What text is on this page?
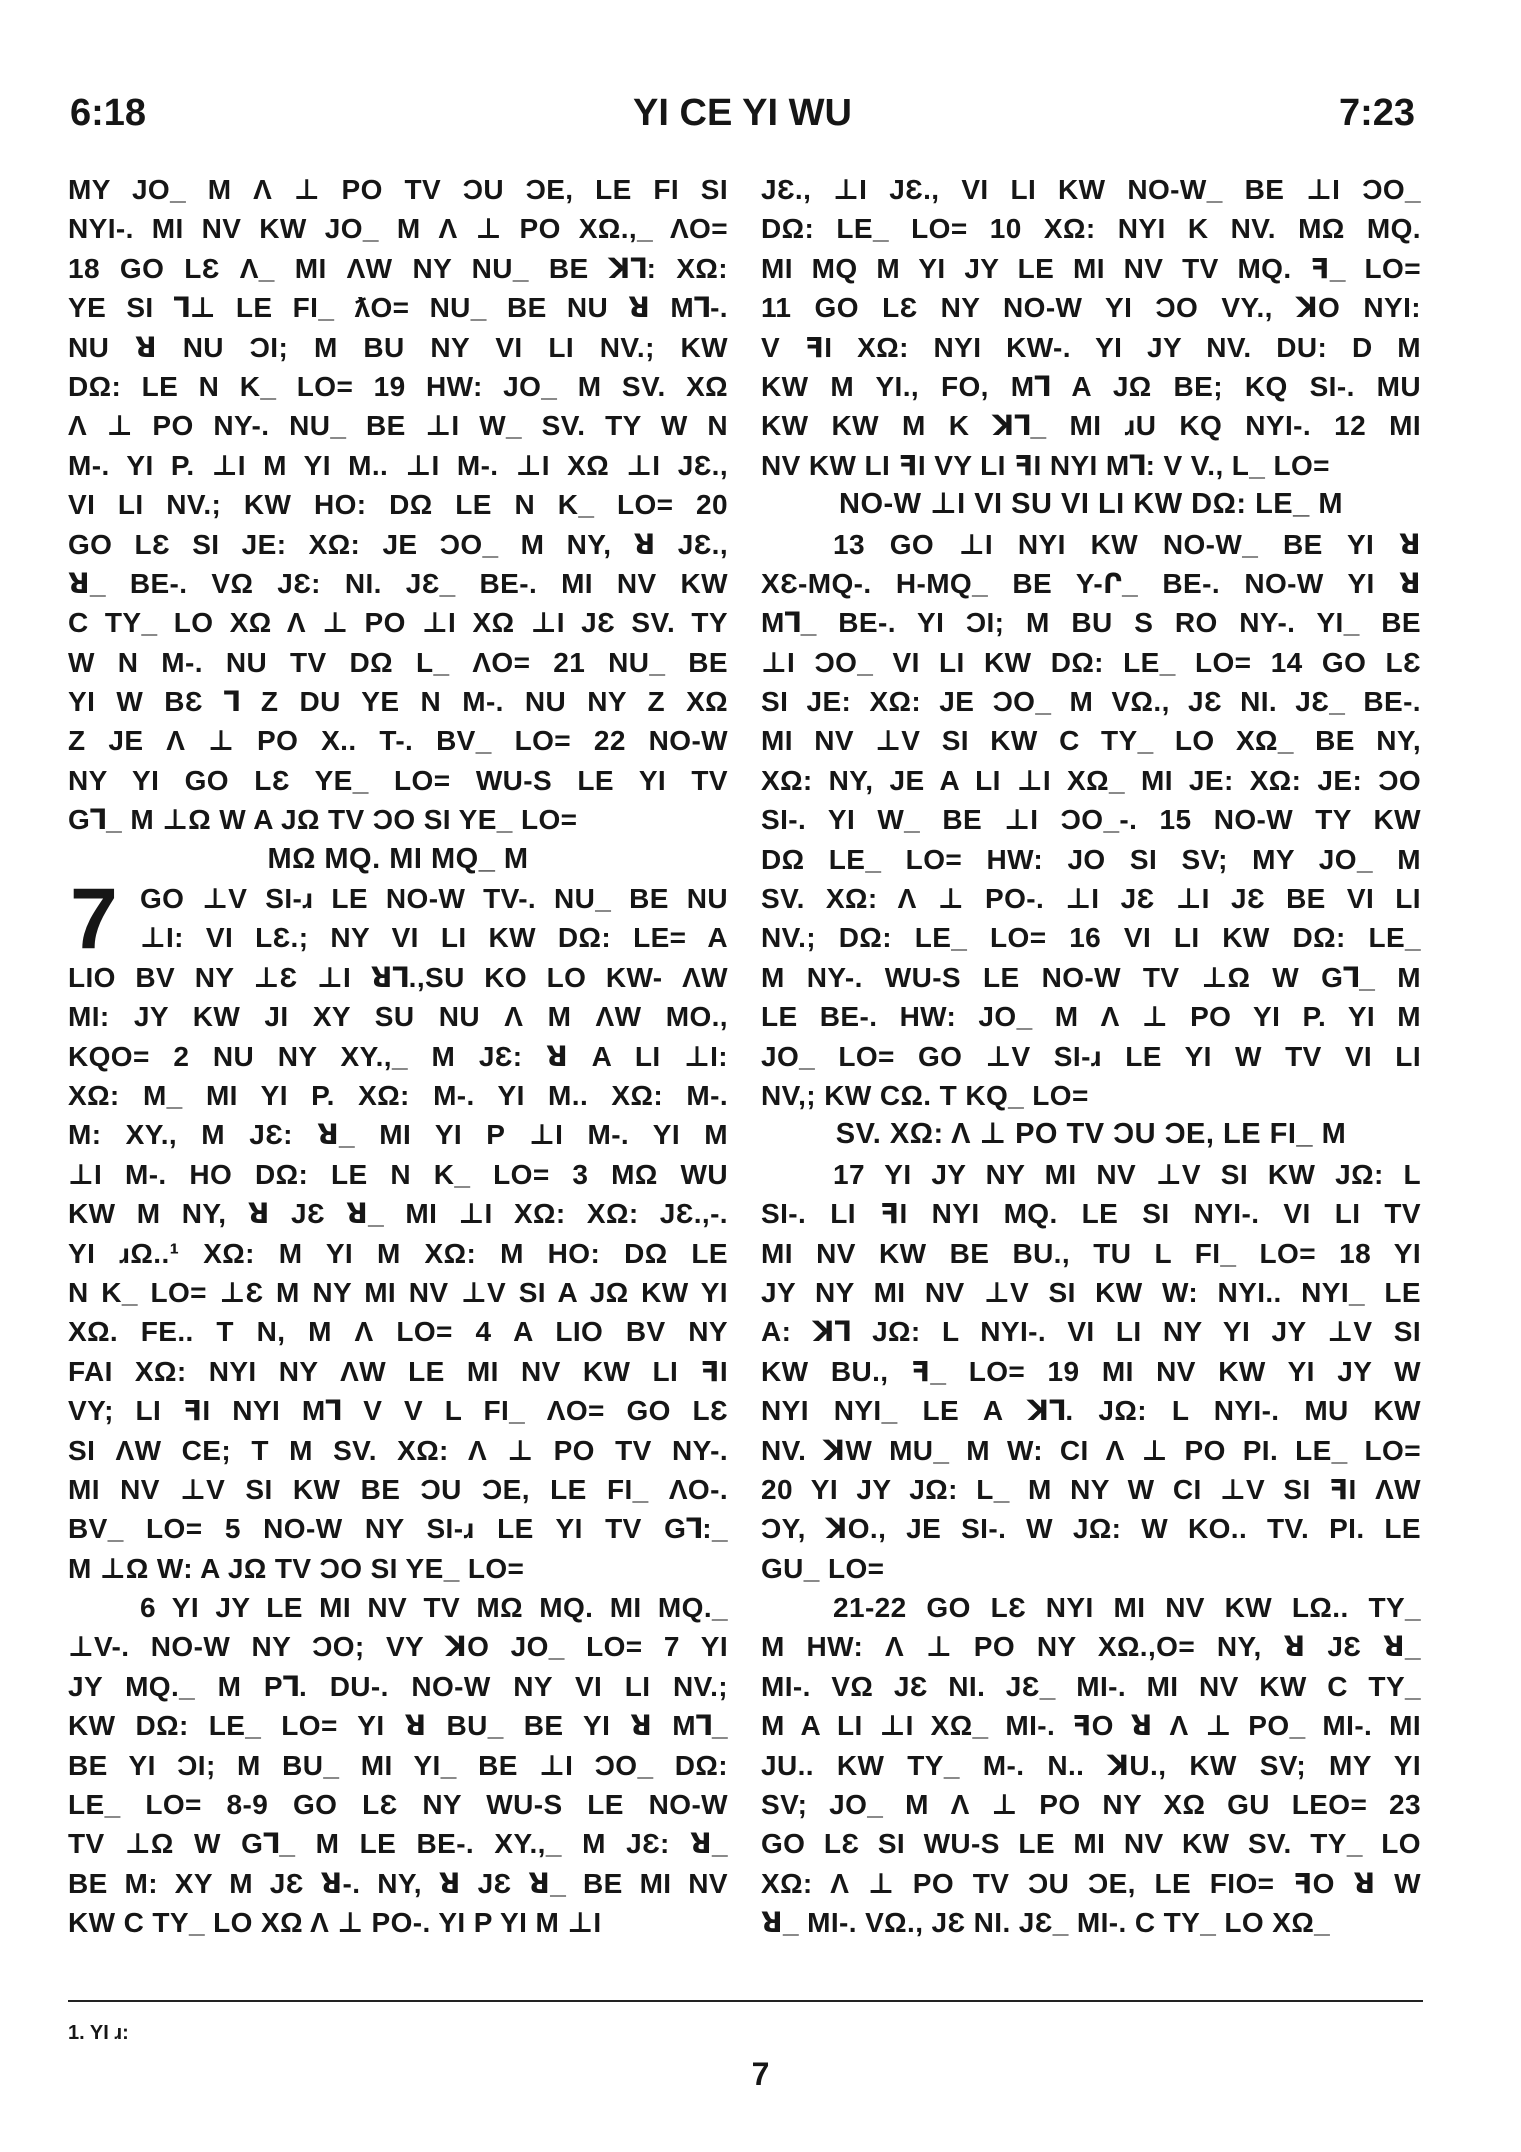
6:18	YI CE YI WU	7:23
MY JO_ M Λ ⊥ PO TV ƆU ƆE, LE FI SI
NYI-. MI NV KW JO_ M Λ ⊥ PO XΩ.,_ ΛO=
18 GO LƐ Λ_ MI ΛW NY NU_ BE ꓘ⅂: XΩ:
YE SI ⅂⊥ LE FI_ ƛO= NU_ BE NU ꓤ M⅂-.
NU ꓤ NU ƆI; M BU NY VI LI NV.; KW
DΩ: LE N K_ LO= 19 HW: JO_ M SV. XΩ
Λ ⊥ PO NY-. NU_ BE ⊥I W_ SV. TY W N
M-. YI P. ⊥I M YI M.. ⊥I M-. ⊥I XΩ ⊥I JƐ.,
VI LI NV.; KW HO: DΩ LE N K_ LO= 20
GO LƐ SI JE: XΩ: JE ƆO_ M NY, ꓤ JƐ.,
ꓤ_ BE-. VΩ JƐ: NI. JƐ_ BE-. MI NV KW
C TY_ LO XΩ Λ ⊥ PO ⊥I XΩ ⊥I JƐ SV. TY
W N M-. NU TV DΩ L_ ΛO= 21 NU_ BE
YI W BƐ ⅂ Z DU YE N M-. NU NY Z XΩ
Z JE Λ ⊥ PO X.. T-. BV_ LO= 22 NO-W
NY YI GO LƐ YE_ LO= WU-S LE YI TV
G⅂_ M ⊥Ω W A JΩ TV ƆO SI YE_ LO=
MΩ MQ. MI MQ_ M
7 GO ⊥V SI-ɹ LE NO-W TV-. NU_ BE NU
⊥I: VI LƐ.; NY VI LI KW DΩ: LE= A
LIO BV NY ⊥Ɛ ⊥I ꓤ⅂.,SU KO LO KW- ΛW
MI: JY KW JI XY SU NU Λ M ΛW MO.,
KQO= 2 NU NY XY.,_ M JƐ: ꓤ A LI ⊥I:
XΩ: M_ MI YI P. XΩ: M-. YI M.. XΩ: M-.
M: XY., M JƐ: ꓤ_ MI YI P ⊥I M-. YI M
⊥I M-. HO DΩ: LE N K_ LO= 3 MΩ WU
KW M NY, ꓤ JƐ ꓤ_ MI ⊥I XΩ: XΩ: JƐ.,-.
YI ɹΩ..¹ XΩ: M YI M XΩ: M HO: DΩ LE
N K_ LO= ⊥Ɛ M NY MI NV ⊥V SI A JΩ KW YI
XΩ. FE.. T N, M Λ LO= 4 A LIO BV NY
FAI XΩ: NYI NY ΛW LE MI NV KW LI ꟻI
VY; LI ꟻI NYI M⅂ V V L FI_ ΛO= GO LƐ
SI ΛW CE; T M SV. XΩ: Λ ⊥ PO TV NY-.
MI NV ⊥V SI KW BE ƆU ƆE, LE FI_ ΛO-.
BV_ LO= 5 NO-W NY SI-ɹ LE YI TV G⅂:_
M ⊥Ω W: A JΩ TV ƆO SI YE_ LO=
6 YI JY LE MI NV TV MΩ MQ. MI MQ._
⊥V-. NO-W NY ƆO; VY ꓘO JO_ LO= 7 YI
JY MQ._ M P⅂. DU-. NO-W NY VI LI NV.;
KW DΩ: LE_ LO= YI ꓤ BU_ BE YI ꓤ M⅂_
BE YI ƆI; M BU_ MI YI_ BE ⊥I ƆO_ DΩ:
LE_ LO= 8-9 GO LƐ NY WU-S LE NO-W
TV ⊥Ω W G⅂_ M LE BE-. XY.,_ M JƐ: ꓤ_
BE M: XY M JƐ ꓤ-. NY, ꓤ JƐ ꓤ_ BE MI NV
KW C TY_ LO XΩ Λ ⊥ PO-. YI P YI M ⊥I
JƐ., ⊥I JƐ., VI LI KW NO-W_ BE ⊥I ƆO_
DΩ: LE_ LO= 10 XΩ: NYI K NV. MΩ MQ.
MI MQ M YI JY LE MI NV TV MQ. ꟻ_ LO=
11 GO LƐ NY NO-W YI ƆO VY., ꓘO NYI:
V ꟻI XΩ: NYI KW-. YI JY NV. DU: D M
KW M YI., FO, M⅂ A JΩ BE; KQ SI-. MU
KW KW M K ꓘ⅂_ MI ɹU KQ NYI-. 12 MI
NV KW LI ꟻI VY LI ꟻI NYI M⅂: V V., L_ LO=
NO-W ⊥I VI SU VI LI KW DΩ: LE_ M
13 GO ⊥I NYI KW NO-W_ BE YI ꓤ
XƐ-MQ-. H-MQ_ BE Y-Ր_ BE-. NO-W YI ꓤ
M⅂_ BE-. YI ƆI; M BU S RO NY-. YI_ BE
⊥I ƆO_ VI LI KW DΩ: LE_ LO= 14 GO LƐ
SI JE: XΩ: JE ƆO_ M VΩ., JƐ NI. JƐ_ BE-.
MI NV ⊥V SI KW C TY_ LO XΩ_ BE NY,
XΩ: NY, JE A LI ⊥I XΩ_ MI JE: XΩ: JE: ƆO
SI-. YI W_ BE ⊥I ƆO_-. 15 NO-W TY KW
DΩ LE_ LO= HW: JO SI SV; MY JO_ M
SV. XΩ: Λ ⊥ PO-. ⊥I JƐ ⊥I JƐ BE VI LI
NV.; DΩ: LE_ LO= 16 VI LI KW DΩ: LE_
M NY-. WU-S LE NO-W TV ⊥Ω W G⅂_ M
LE BE-. HW: JO_ M Λ ⊥ PO YI P. YI M
JO_ LO= GO ⊥V SI-ɹ LE YI W TV VI LI
NV,; KW CΩ. T KQ_ LO=
SV. XΩ: Λ ⊥ PO TV ƆU ƆE, LE FI_ M
17 YI JY NY MI NV ⊥V SI KW JΩ: L
SI-. LI ꟻI NYI MQ. LE SI NYI-. VI LI TV
MI NV KW BE BU., TU L FI_ LO= 18 YI
JY NY MI NV ⊥V SI KW W: NYI.. NYI_ LE
A: ꓘ⅂ JΩ: L NYI-. VI LI NY YI JY ⊥V SI
KW BU., ꟻ_ LO= 19 MI NV KW YI JY W
NYI NYI_ LE A ꓘ⅂. JΩ: L NYI-. MU KW
NV. ꓘW MU_ M W: CI Λ ⊥ PO PI. LE_ LO=
20 YI JY JΩ: L_ M NY W CI ⊥V SI ꟻI ΛW
ƆY, ꓘO., JE SI-. W JΩ: W KO.. TV. PI. LE
GU_ LO=
21-22 GO LƐ NYI MI NV KW LΩ.. TY_
M HW: Λ ⊥ PO NY XΩ.,O= NY, ꓤ JƐ ꓤ_
MI-. VΩ JƐ NI. JƐ_ MI-. MI NV KW C TY_
M A LI ⊥I XΩ_ MI-. ꟻO ꓤ Λ ⊥ PO_ MI-. MI
JU.. KW TY_ M-. N.. ꓘU., KW SV; MY YI
SV; JO_ M Λ ⊥ PO NY XΩ GU LEO= 23
GO LƐ SI WU-S LE MI NV KW SV. TY_ LO
XΩ: Λ ⊥ PO TV ƆU ƆE, LE FIO= ꟻO ꓤ W
ꓤ_ MI-. VΩ., JƐ NI. JƐ_ MI-. C TY_ LO XΩ_
1. YI ɹ:
7
